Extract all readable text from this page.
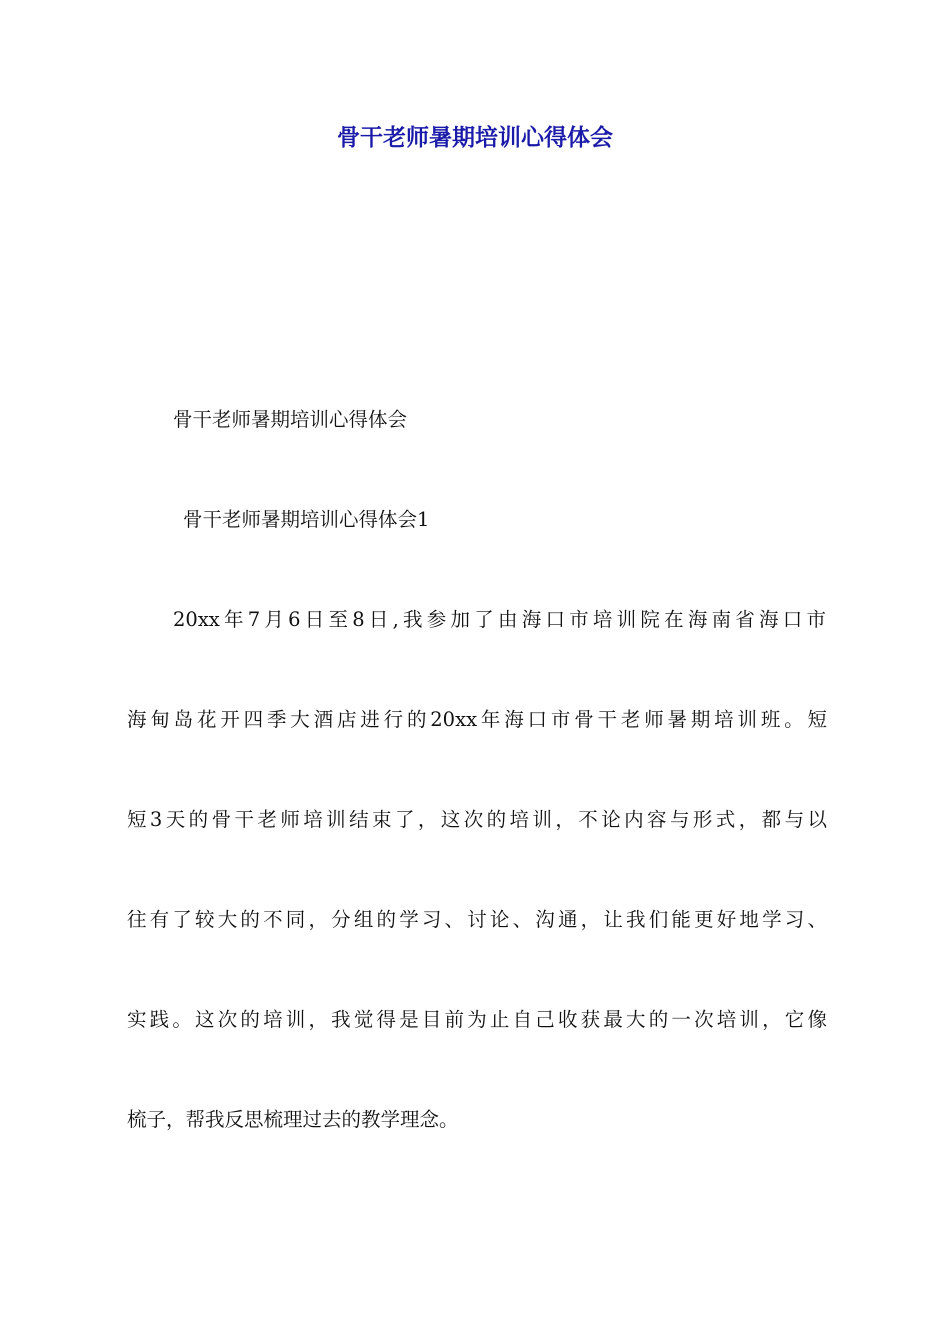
骨干老师暑期培训心得体会

骨干老师暑期培训心得体会

骨干老师暑期培训心得体会1

20xx年7月6日至8日,我参加了由海口市培训院在海南省海口市

海甸岛花开四季大酒店进行的20xx年海口市骨干老师暑期培训班。短

短3天的骨干老师培训结束了，这次的培训，不论内容与形式，都与以

往有了较大的不同，分组的学习、讨论、沟通，让我们能更好地学习、

实践。这次的培训，我觉得是目前为止自己收获最大的一次培训，它像

梳子，帮我反思梳理过去的教学理念。
